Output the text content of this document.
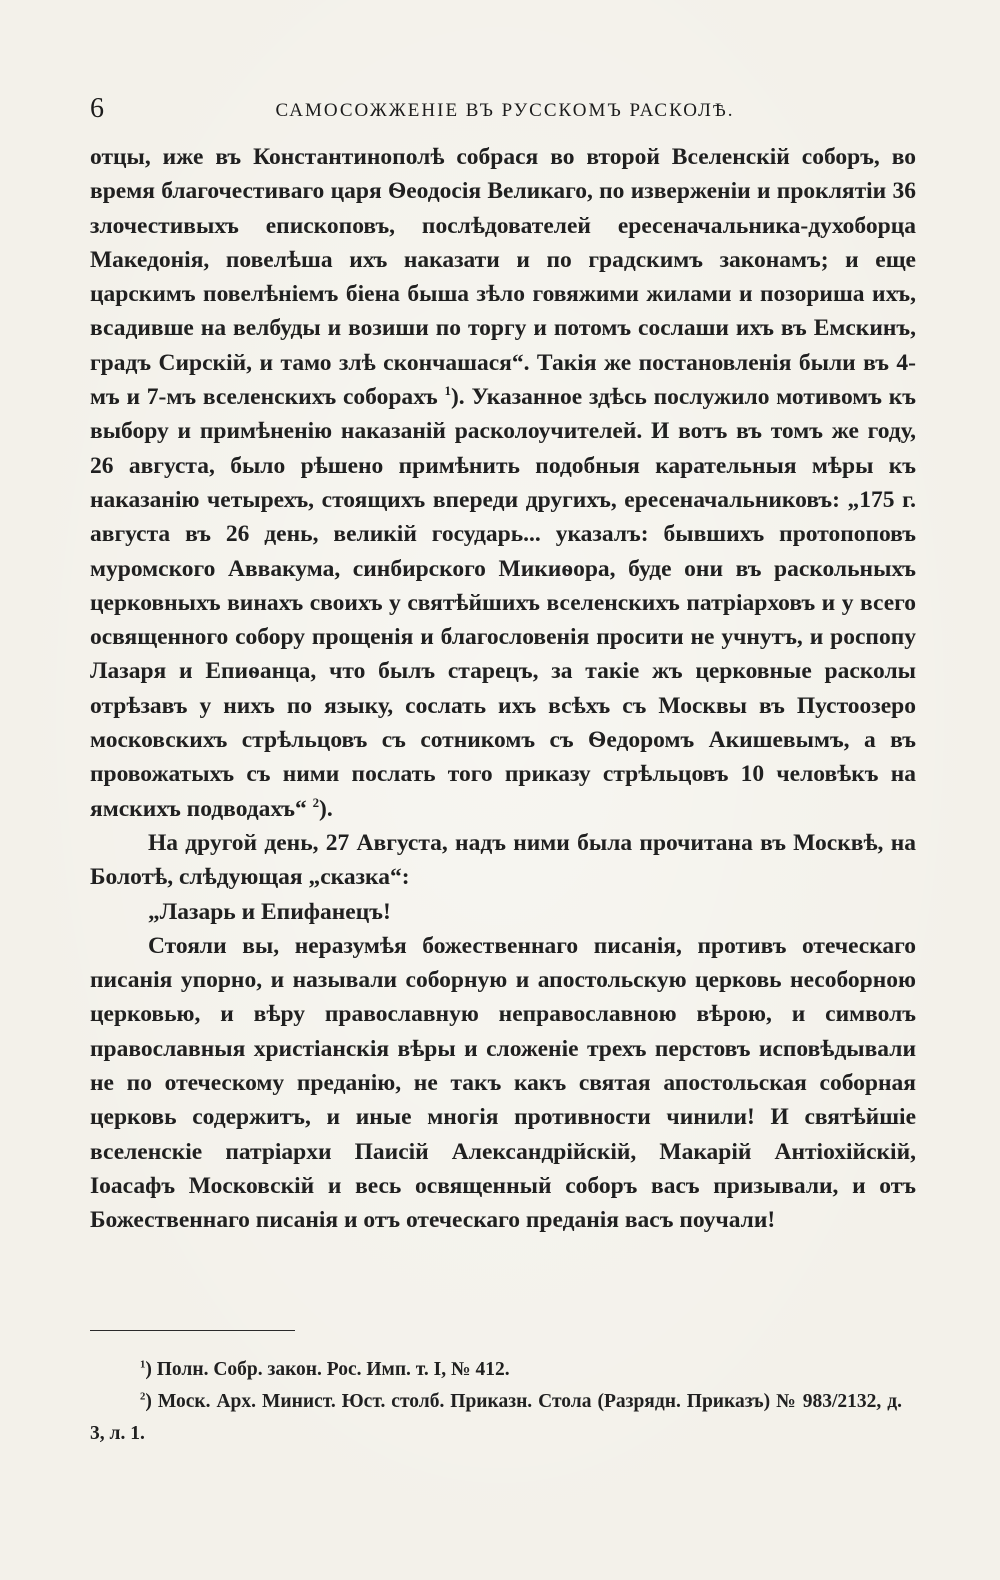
6	САМОСОЖЖЕНІЕ ВЪ РУССКОМЪ РАСКОЛѢ.

отцы, иже въ Константинополѣ собрася во второй Вселенскій соборъ, во время благочестиваго царя Ѳеодосія Великаго, по изверженіи и проклятіи 36 злочестивыхъ епископовъ, послѣдователей ересеначальника-духоборца Македонія, повелѣша ихъ наказати и по градскимъ законамъ; и еще царскимъ повелѣніемъ біена быша зѣло говяжими жилами и позориша ихъ, всадивше на велбуды и возиши по торгу и потомъ сослаши ихъ въ Емскинъ, градъ Сирскій, и тамо злѣ скончашася“. Такія же постановленія были въ 4-мъ и 7-мъ вселенскихъ соборахъ $^1$). Указанное здѣсь послужило мотивомъ къ выбору и примѣненію наказаній расколоучителей. И вотъ въ томъ же году, 26 августа, было рѣшено примѣнить подобныя карательныя мѣры къ наказанію четырехъ, стоящихъ впереди другихъ, ересеначальниковъ: „175 г. августа въ 26 день, великій государь... указалъ: бывшихъ протопоповъ муромского Аввакума, синбирского Микиѳора, буде они въ раскольныхъ церковныхъ винахъ своихъ у святѣйшихъ вселенскихъ патріарховъ и у всего освященного собору прощенія и благословенія просити не учнутъ, и роспопу Лазаря и Епиѳанца, что былъ старецъ, за такіе жъ церковные расколы отрѣзавъ у нихъ по языку, сослать ихъ всѣхъ съ Москвы въ Пустоозеро московскихъ стрѣльцовъ съ сотникомъ съ Ѳедоромъ Акишевымъ, а въ провожатыхъ съ ними послать того приказу стрѣльцовъ 10 человѣкъ на ямскихъ подводахъ“ $^2$).

На другой день, 27 Августа, надъ ними была прочитана въ Москвѣ, на Болотѣ, слѣдующая „сказка“:

„Лазарь и Епифанецъ!

Стояли вы, неразумѣя божественнаго писанія, противъ отеческаго писанія упорно, и называли соборную и апостольскую церковь несоборною церковью, и вѣру православную неправославною вѣрою, и символъ православныя христіанскія вѣры и сложеніе трехъ перстовъ исповѣдывали не по отеческому преданію, не такъ какъ святая апостольская соборная церковь содержитъ, и иные многія противности чинили! И святѣйшіе вселенскіе патріархи Паисій Александрійскій, Макарій Антіохійскій, Іоасафъ Московскій и весь освященный соборъ васъ призывали, и отъ Божественнаго писанія и отъ отеческаго преданія васъ поучали!

$^1$) Полн. Собр. закон. Рос. Имп. т. I, № 412.

$^2$) Моск. Арх. Минист. Юст. столб. Приказн. Стола (Разрядн. Приказъ) № 983/2132, д. 3, л. 1.
